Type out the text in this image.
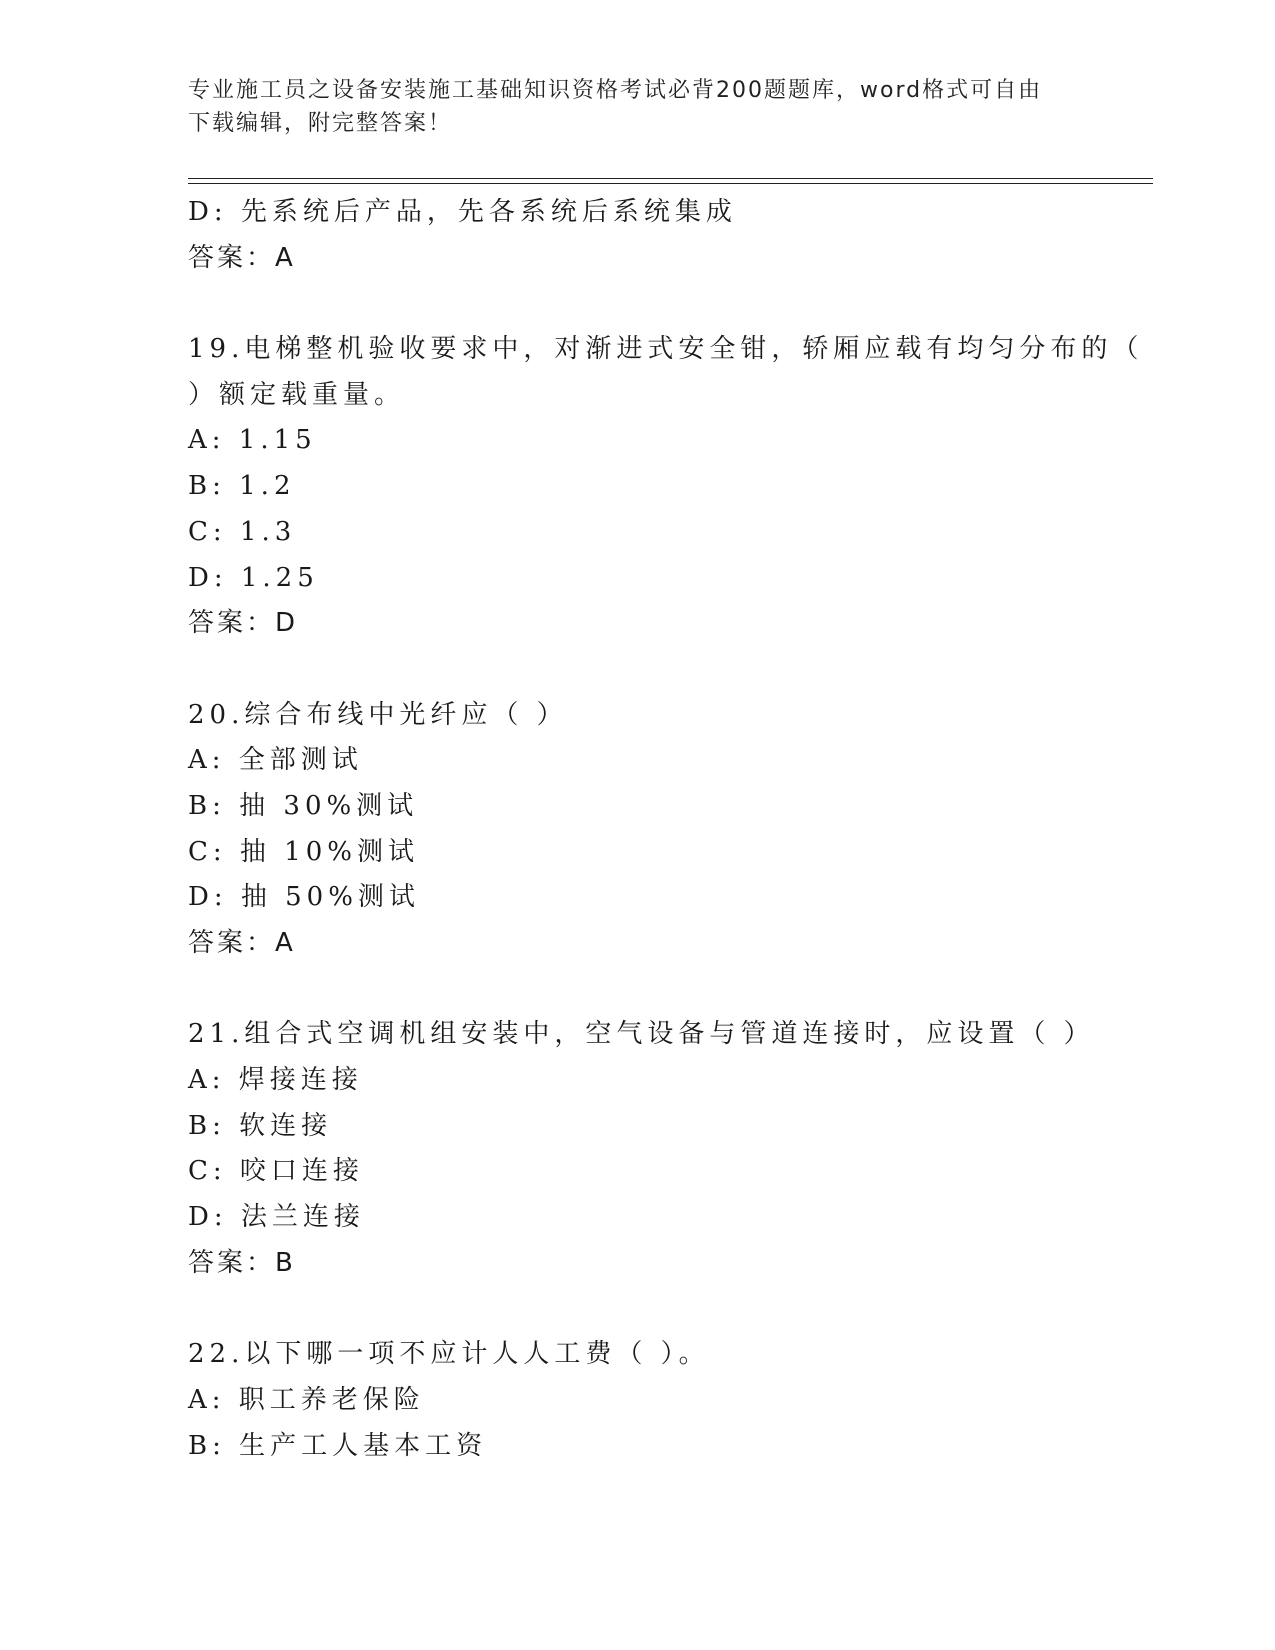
专业施工员之设备安装施工基础知识资格考试必背200题题库，word格式可自由
下载编辑，附完整答案！
D: 先系统后产品，先各系统后系统集成
答案：A
19.电梯整机验收要求中，对渐进式安全钳，轿厢应载有均匀分布的（
）额定载重量。
A: 1.15
B: 1.2
C: 1.3
D: 1.25
答案：D
20.综合布线中光纤应（ ）
A: 全部测试
B: 抽 30%测试
C: 抽 10%测试
D: 抽 50%测试
答案：A
21.组合式空调机组安装中，空气设备与管道连接时，应设置（ ）
A: 焊接连接
B: 软连接
C: 咬口连接
D: 法兰连接
答案：B
22.以下哪一项不应计人人工费（ ）。
A: 职工养老保险
B: 生产工人基本工资
